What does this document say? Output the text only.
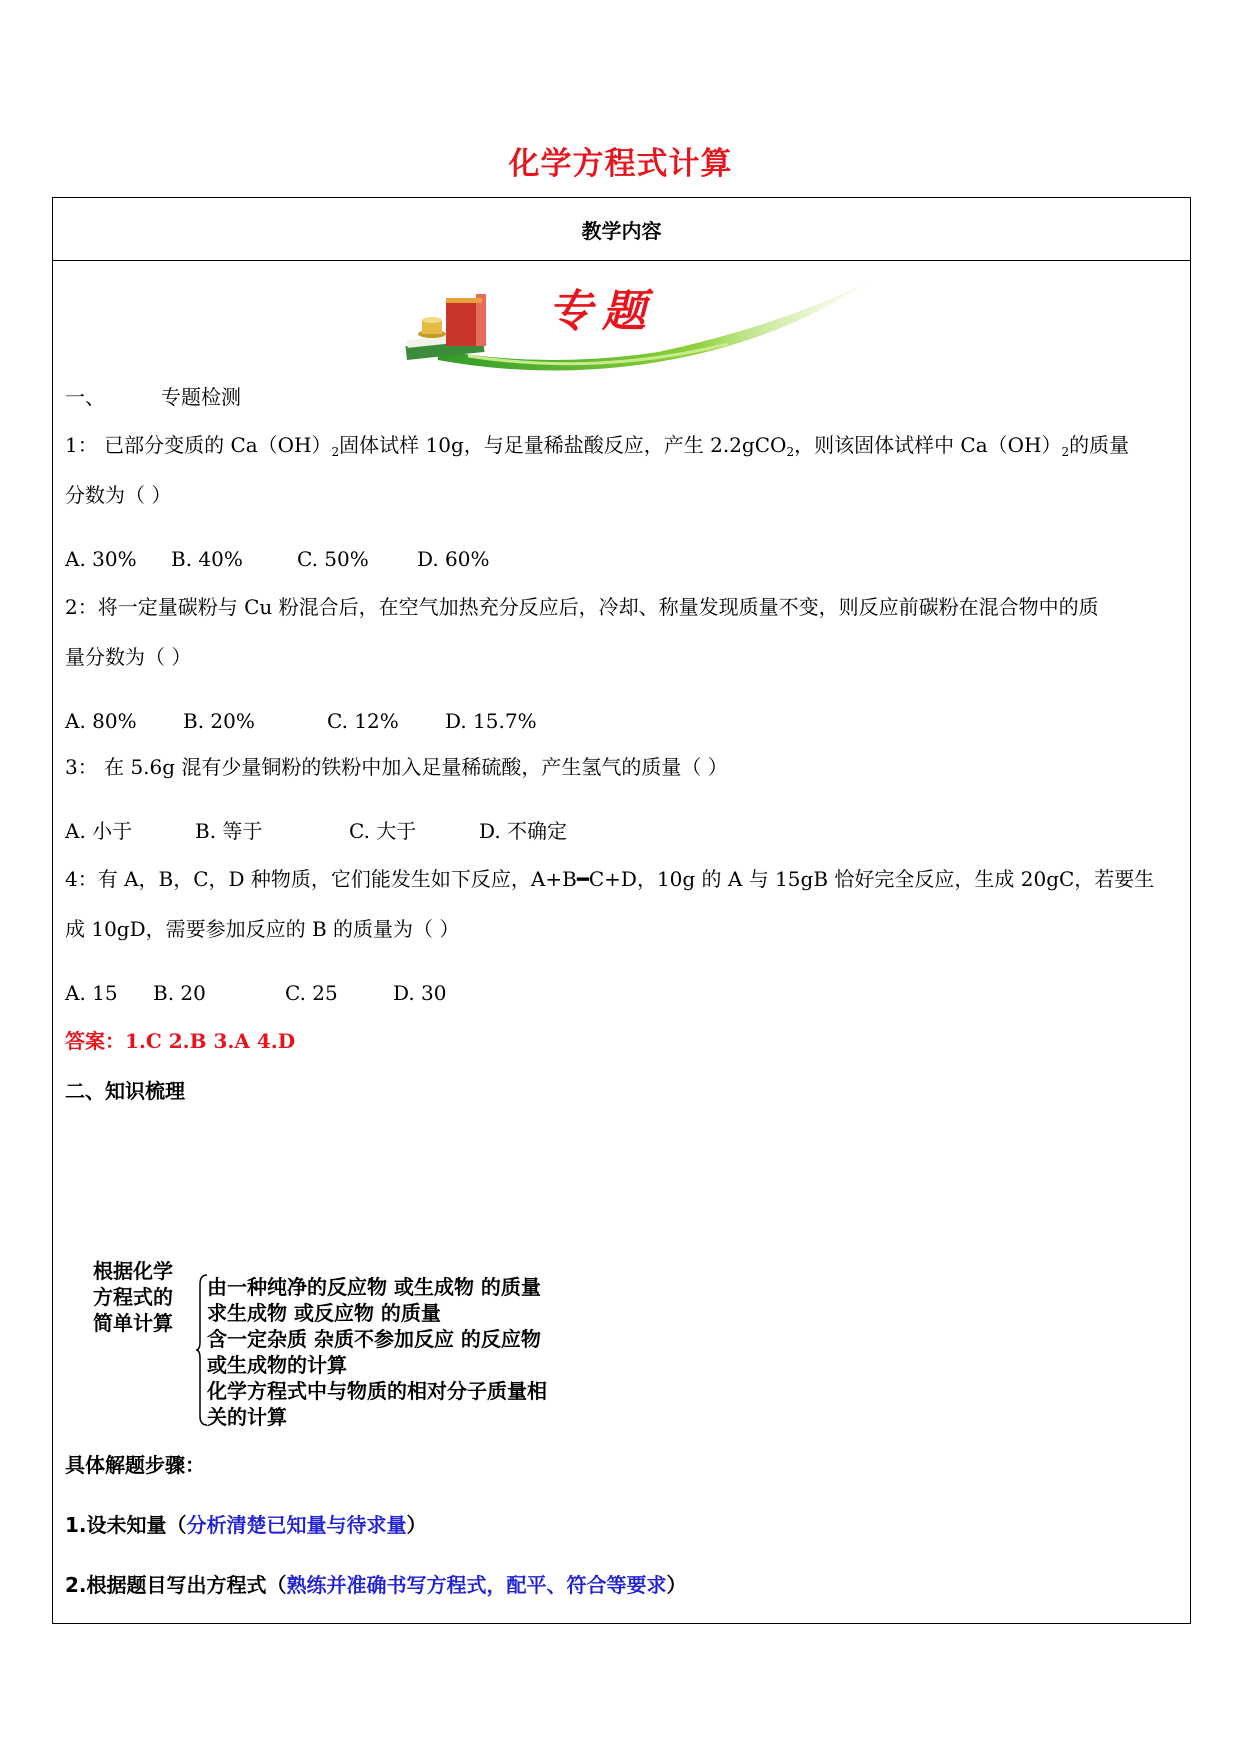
化学方程式计算
教学内容
专题
一、	专题检测
1： 已部分变质的 $Ca(OH)_2$固体试样 10g，与足量稀盐酸反应，产生 2.2gCO$_2$，则该固体试样中 $Ca(OH)_2$的质量
分数为（ ）
A. 30% B. 40%	C. 50% D. 60%
2：将一定量碳粉与 Cu 粉混合后，在空气加热充分反应后，冷却、称量发现质量不变，则反应前碳粉在混合物中的质
量分数为（ ）
A. 80% B. 20%	C. 12% D. 15.7%
3： 在 5.6g 混有少量铜粉的铁粉中加入足量稀硫酸，产生氢气的质量（ ）
A. 小于	B. 等于	C. 大于	D. 不确定
4：有 A，B，C，D 种物质，它们能发生如下反应，A+B━C+D，10g 的 A 与 15gB 恰好完全反应，生成 20gC，若要生
成 10gD，需要参加反应的 B 的质量为（ ）
A. 15 B. 20	C. 25	D. 30
答案：1.C 2.B 3.A 4.D
二、知识梳理
根据化学
方程式的
简单计算
由一种纯净的反应物 或生成物 的质量
求生成物 或反应物 的质量
含一定杂质 杂质不参加反应 的反应物
或生成物的计算
化学方程式中与物质的相对分子质量相
关的计算
具体解题步骤：
1.设未知量（分析清楚已知量与待求量）
2.根据题目写出方程式（熟练并准确书写方程式，配平、符合等要求）
